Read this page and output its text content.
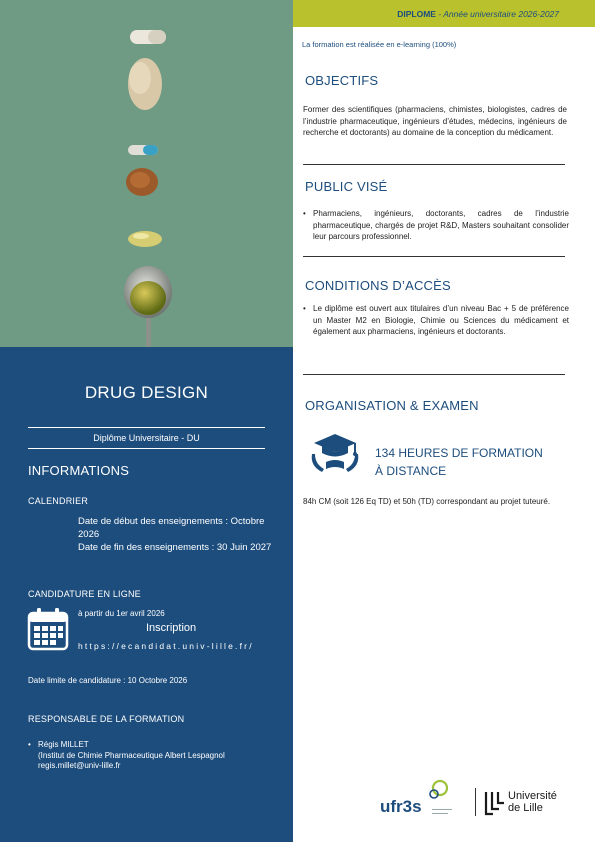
DRUG DESIGN
Diplôme Universitaire - DU
INFORMATIONS
CALENDRIER
Date de début des enseignements : Octobre 2026
Date de fin des enseignements : 30 Juin 2027
CANDIDATURE EN LIGNE
à partir du 1er avril 2026
Inscription
https://ecandidat.univ-lille.fr/
Date limite de candidature : 10 Octobre 2026
RESPONSABLE DE LA FORMATION
• Régis MILLET
(Institut de Chimie Pharmaceutique Albert Lespagnol
regis.millet@univ-lille.fr
DIPLOME - Année universitaire 2026-2027
La formation est réalisée en e-learning (100%)
OBJECTIFS
Former des scientifiques (pharmaciens, chimistes, biologistes, cadres de l’industrie pharmaceutique, ingénieurs d’études, médecins, ingénieurs de recherche et doctorants) au domaine de la conception du médicament.
PUBLIC VISÉ
• Pharmaciens, ingénieurs, doctorants, cadres de l’industrie pharmaceutique, chargés de projet R&D, Masters souhaitant consolider leur parcours professionnel.
CONDITIONS D’ACCÈS
• Le diplôme est ouvert aux titulaires d’un niveau Bac + 5 de préférence un Master M2 en Biologie, Chimie ou Sciences du médicament et également aux pharmaciens, ingénieurs et doctorants.
ORGANISATION & EXAMEN
134 HEURES DE FORMATION
À DISTANCE
84h CM (soit 126 Eq TD) et 50h (TD) correspondant au projet tuteuré.
ufr3s
Université
de Lille
